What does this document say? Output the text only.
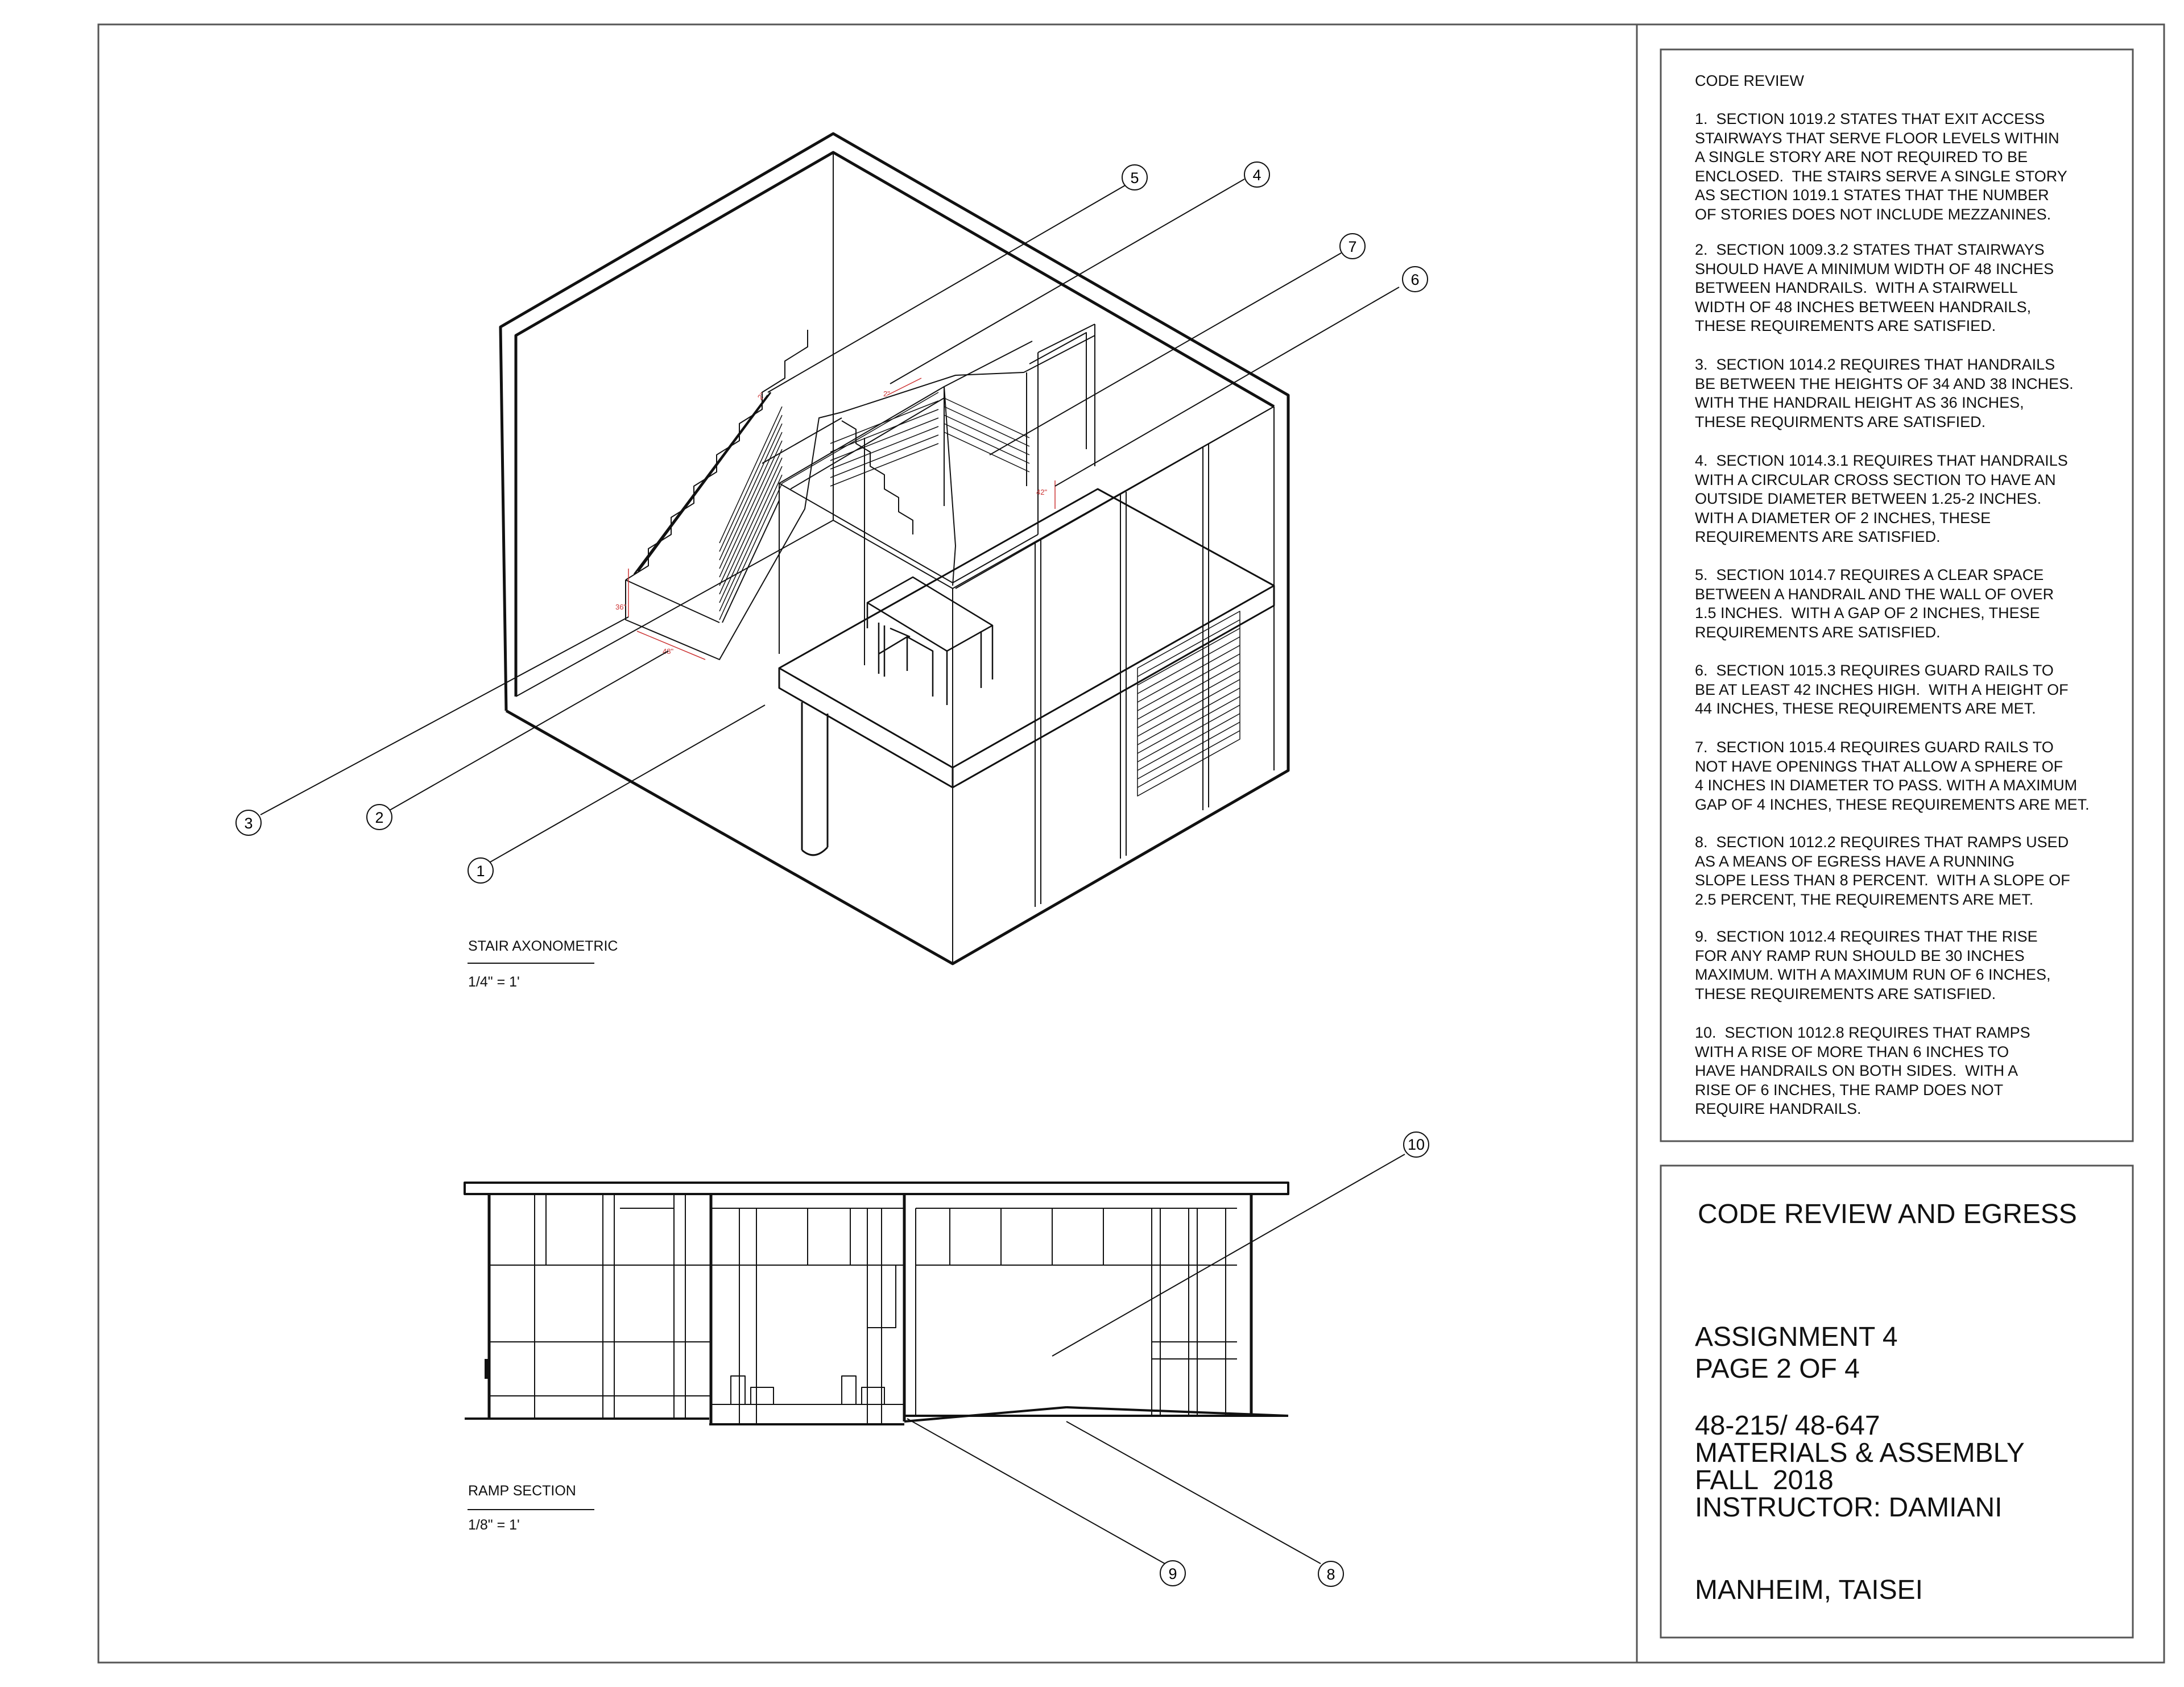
2"	2"
36"
48"
42"
1
2
3
4
5
6
7
8
9
10
STAIR AXONOMETRIC
1/4" = 1'
RAMP SECTION
1/8" = 1'
CODE REVIEW
1.  SECTION 1019.2 STATES THAT EXIT ACCESS
STAIRWAYS THAT SERVE FLOOR LEVELS WITHIN
A SINGLE STORY ARE NOT REQUIRED TO BE
ENCLOSED.  THE STAIRS SERVE A SINGLE STORY
AS SECTION 1019.1 STATES THAT THE NUMBER
OF STORIES DOES NOT INCLUDE MEZZANINES.
2.  SECTION 1009.3.2 STATES THAT STAIRWAYS
SHOULD HAVE A MINIMUM WIDTH OF 48 INCHES
BETWEEN HANDRAILS.  WITH A STAIRWELL
WIDTH OF 48 INCHES BETWEEN HANDRAILS,
THESE REQUIREMENTS ARE SATISFIED.
3.  SECTION 1014.2 REQUIRES THAT HANDRAILS
BE BETWEEN THE HEIGHTS OF 34 AND 38 INCHES.
WITH THE HANDRAIL HEIGHT AS 36 INCHES,
THESE REQUIRMENTS ARE SATISFIED.
4.  SECTION 1014.3.1 REQUIRES THAT HANDRAILS
WITH A CIRCULAR CROSS SECTION TO HAVE AN
OUTSIDE DIAMETER BETWEEN 1.25-2 INCHES.
WITH A DIAMETER OF 2 INCHES, THESE
REQUIREMENTS ARE SATISFIED.
5.  SECTION 1014.7 REQUIRES A CLEAR SPACE
BETWEEN A HANDRAIL AND THE WALL OF OVER
1.5 INCHES.  WITH A GAP OF 2 INCHES, THESE
REQUIREMENTS ARE SATISFIED.
6.  SECTION 1015.3 REQUIRES GUARD RAILS TO
BE AT LEAST 42 INCHES HIGH.  WITH A HEIGHT OF
44 INCHES, THESE REQUIREMENTS ARE MET.
7.  SECTION 1015.4 REQUIRES GUARD RAILS TO
NOT HAVE OPENINGS THAT ALLOW A SPHERE OF
4 INCHES IN DIAMETER TO PASS. WITH A MAXIMUM
GAP OF 4 INCHES, THESE REQUIREMENTS ARE MET.
8.  SECTION 1012.2 REQUIRES THAT RAMPS USED
AS A MEANS OF EGRESS HAVE A RUNNING
SLOPE LESS THAN 8 PERCENT.  WITH A SLOPE OF
2.5 PERCENT, THE REQUIREMENTS ARE MET.
9.  SECTION 1012.4 REQUIRES THAT THE RISE
FOR ANY RAMP RUN SHOULD BE 30 INCHES
MAXIMUM. WITH A MAXIMUM RUN OF 6 INCHES,
THESE REQUIREMENTS ARE SATISFIED.
10.  SECTION 1012.8 REQUIRES THAT RAMPS
WITH A RISE OF MORE THAN 6 INCHES TO
HAVE HANDRAILS ON BOTH SIDES.  WITH A
RISE OF 6 INCHES, THE RAMP DOES NOT
REQUIRE HANDRAILS.
CODE REVIEW AND EGRESS
ASSIGNMENT 4
PAGE 2 OF 4
48-215/ 48-647
MATERIALS & ASSEMBLY
FALL  2018
INSTRUCTOR: DAMIANI
MANHEIM, TAISEI
